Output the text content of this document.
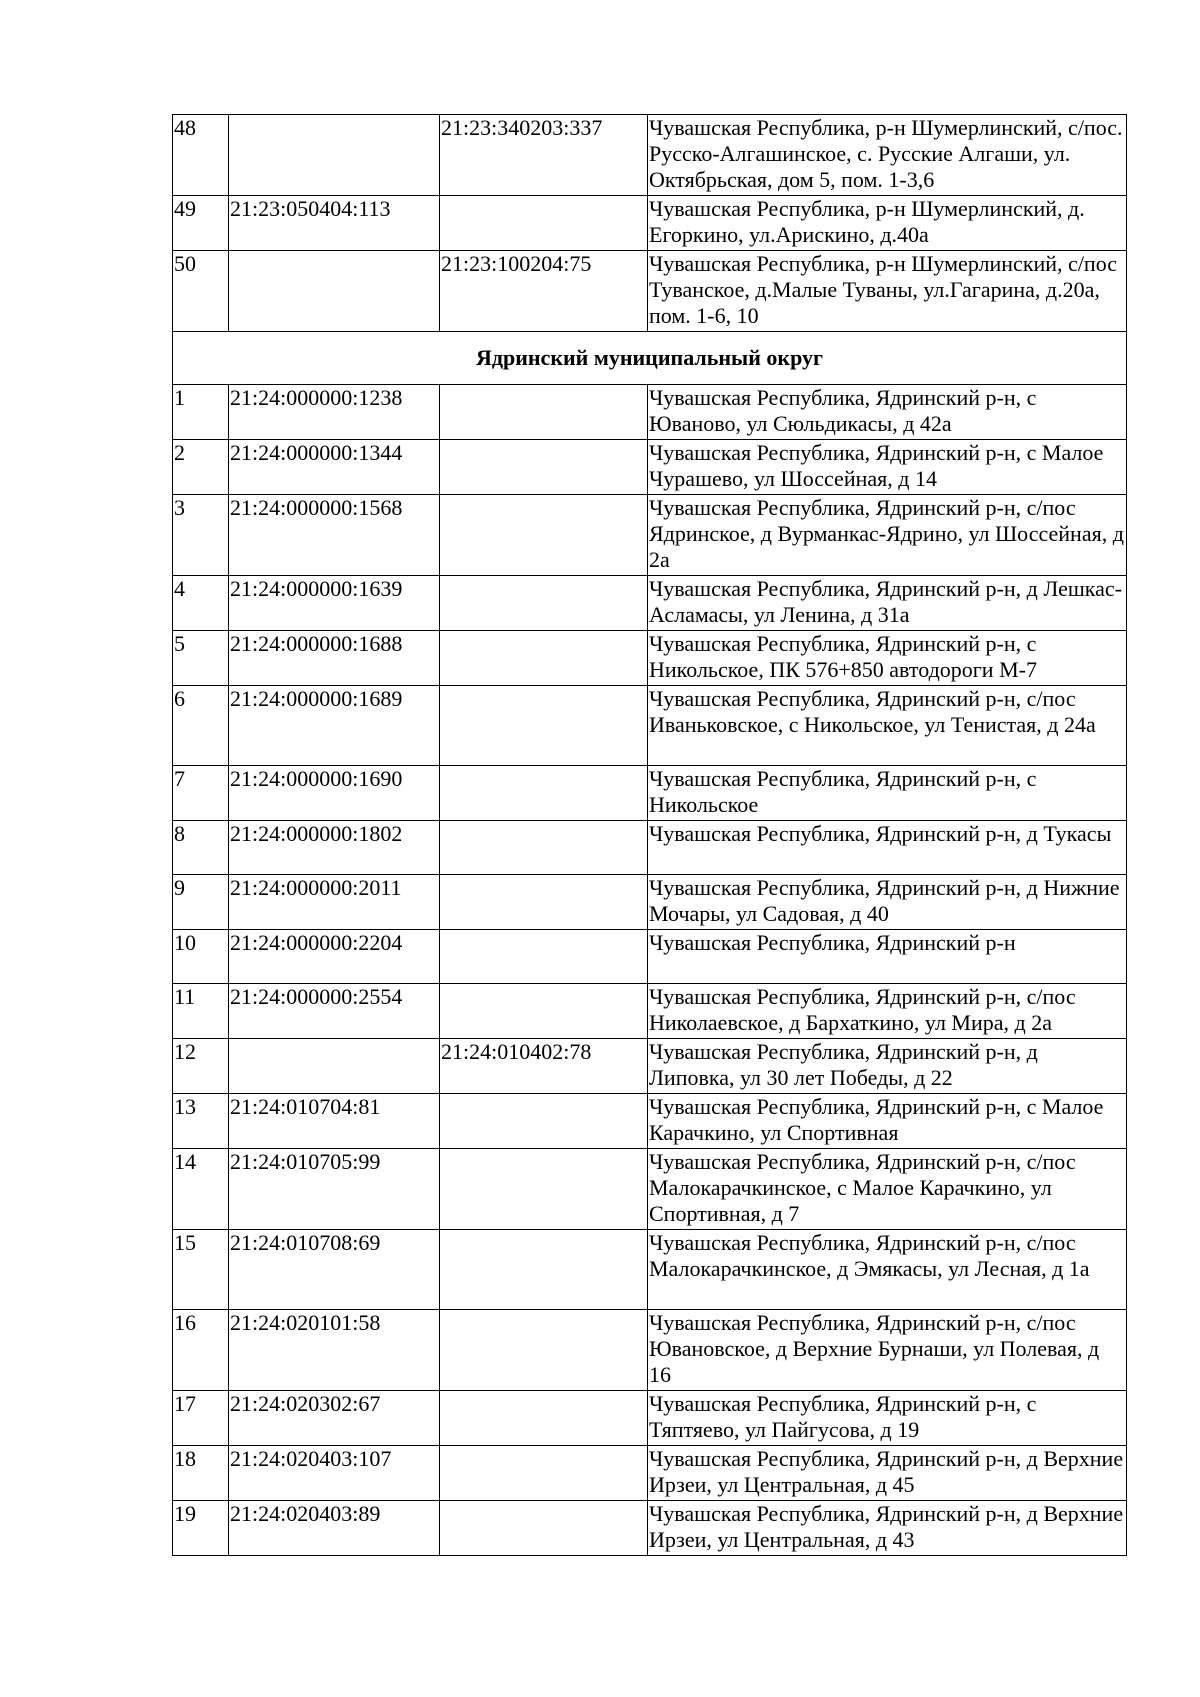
48		21:23:340203:337	Чувашская Республика, р-н Шумерлинский, с/пос. Русско-Алгашинское, с. Русские Алгаши, ул. Октябрьская, дом 5, пом. 1-3,6
49	21:23:050404:113		Чувашская Республика, р-н Шумерлинский, д. Егоркино, ул.Арискино, д.40а
50		21:23:100204:75	Чувашская Республика, р-н Шумерлинский, с/пос Туванское, д.Малые Туваны, ул.Гагарина, д.20а, пом. 1-6, 10
Ядринский муниципальный округ			
1	21:24:000000:1238		Чувашская Республика, Ядринский р-н, с Юваново, ул Сюльдикасы, д 42а
2	21:24:000000:1344		Чувашская Республика, Ядринский р-н, с Малое Чурашево, ул Шоссейная, д 14
3	21:24:000000:1568		Чувашская Республика, Ядринский р-н, с/пос Ядринское, д Вурманкас-Ядрино, ул Шоссейная, д 2а
4	21:24:000000:1639		Чувашская Республика, Ядринский р-н, д Лешкас-Асламасы, ул Ленина, д 31а
5	21:24:000000:1688		Чувашская Республика, Ядринский р-н, с Никольское, ПК 576+850 автодороги М-7
6	21:24:000000:1689		Чувашская Республика, Ядринский р-н, с/пос Иваньковское, с Никольское, ул Тенистая, д 24а
7	21:24:000000:1690		Чувашская Республика, Ядринский р-н, с Никольское
8	21:24:000000:1802		Чувашская Республика, Ядринский р-н, д Тукасы
9	21:24:000000:2011		Чувашская Республика, Ядринский р-н, д Нижние Мочары, ул Садовая, д 40
10	21:24:000000:2204		Чувашская Республика, Ядринский р-н
11	21:24:000000:2554		Чувашская Республика, Ядринский р-н, с/пос Николаевское, д Бархаткино, ул Мира, д 2а
12		21:24:010402:78	Чувашская Республика, Ядринский р-н, д Липовка, ул 30 лет Победы, д 22
13	21:24:010704:81		Чувашская Республика, Ядринский р-н, с Малое Карачкино, ул Спортивная
14	21:24:010705:99		Чувашская Республика, Ядринский р-н, с/пос Малокарачкинское, с Малое Карачкино, ул Спортивная, д 7
15	21:24:010708:69		Чувашская Республика, Ядринский р-н, с/пос Малокарачкинское, д Эмякасы, ул Лесная, д 1а
16	21:24:020101:58		Чувашская Республика, Ядринский р-н, с/пос Ювановское, д Верхние Бурнаши, ул Полевая, д 16
17	21:24:020302:67		Чувашская Республика, Ядринский р-н, с Тяптяево, ул Пайгусова, д 19
18	21:24:020403:107		Чувашская Республика, Ядринский р-н, д Верхние Ирзеи, ул Центральная, д 45
19	21:24:020403:89		Чувашская Республика, Ядринский р-н, д Верхние Ирзеи, ул Центральная, д 43
